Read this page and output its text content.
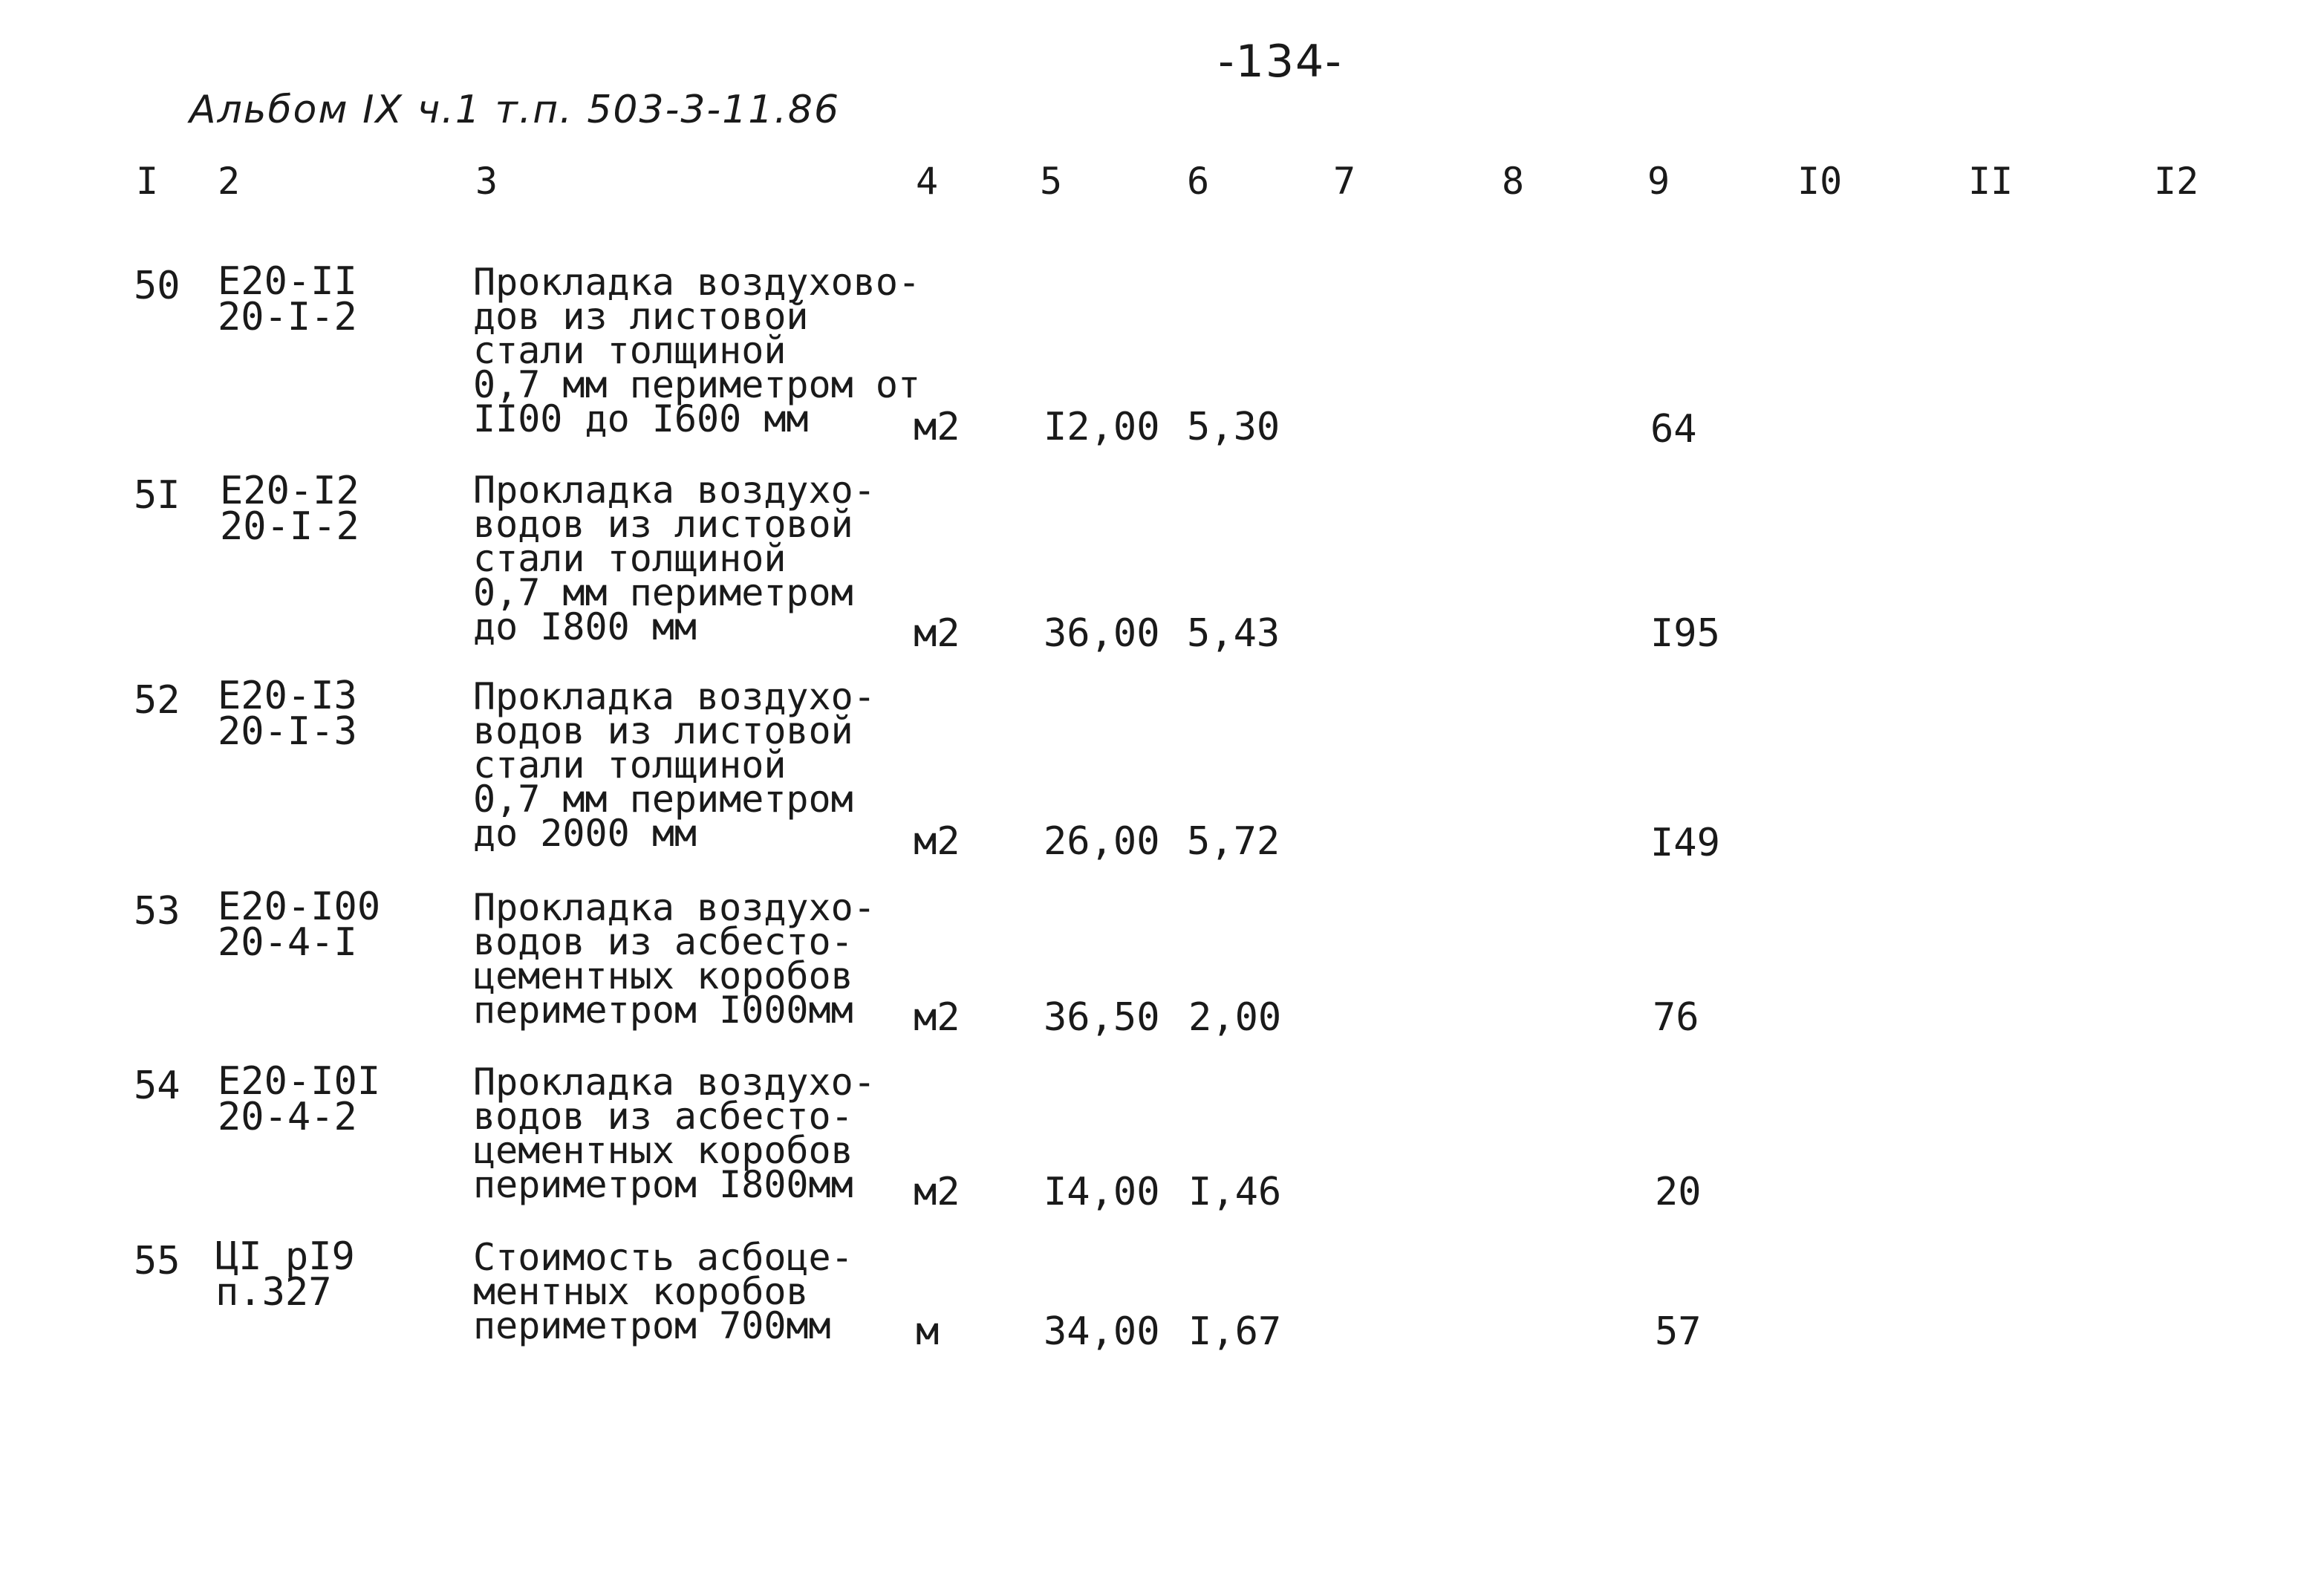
-134-
Альбом IX ч.1 т.п. 503-3-11.86
I 2	3	4	5	6	7	8	9	I0	II	I2
50 Е20-II
20-I-2
Прокладка воздухово-
дов из листовой
стали толщиной
0,7 мм периметром от
II00 до I600 мм	м2 I2,00 5,30	64
5I Е20-I2
20-I-2
Прокладка воздухо-
водов из листовой
стали толщиной
0,7 мм периметром
до I800 мм	м2 36,00 5,43	I95
52 Е20-I3
20-I-3
Прокладка воздухо-
водов из листовой
стали толщиной
0,7 мм периметром
до 2000 мм	м2 26,00 5,72	I49
53 Е20-I00
20-4-I
Прокладка воздухо-
водов из асбесто-
цементных коробов
периметром I000мм	м2 36,50 2,00	76
54 Е20-I0I
20-4-2
Прокладка воздухо-
водов из асбесто-
цементных коробов
периметром I800мм	м2 I4,00 I,46	20
55 ЦI рI9
п.327
Стоимость асбоце-
ментных коробов
периметром 700мм	м	34,00 I,67	57
